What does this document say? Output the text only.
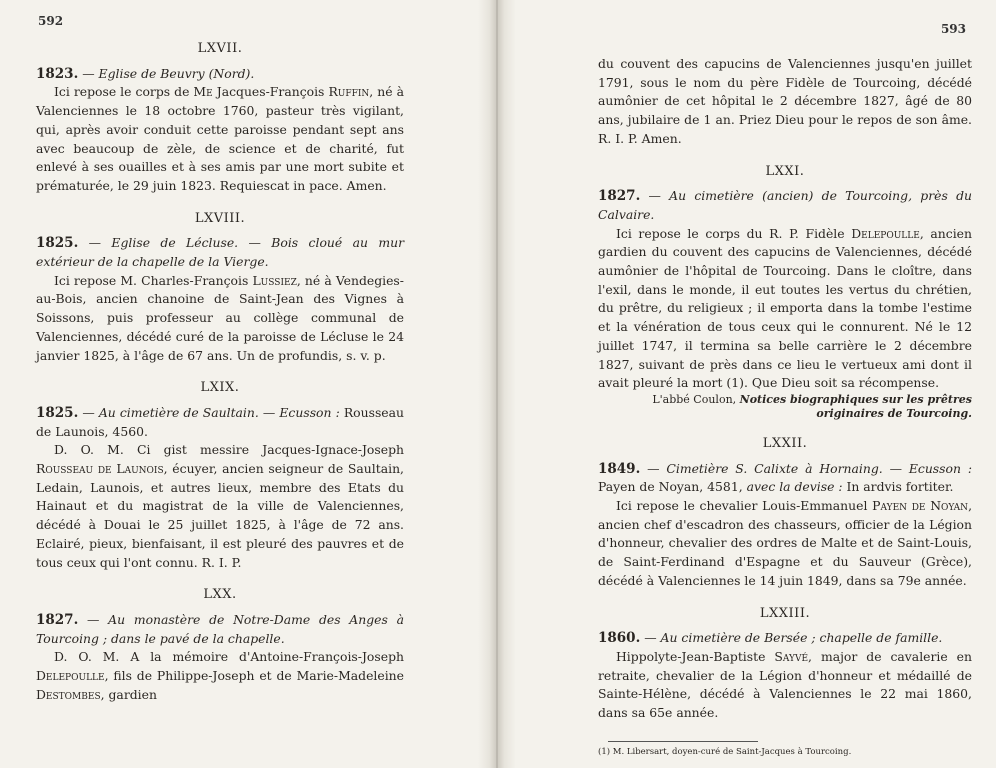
592
LXVII.

1823. — Eglise de Beuvry (Nord).

Ici repose le corps de Me Jacques-François Ruffin, né à Valenciennes le 18 octobre 1760, pasteur très vigilant, qui, après avoir conduit cette paroisse pendant sept ans avec beaucoup de zèle, de science et de charité, fut enlevé à ses ouailles et à ses amis par une mort subite et prématurée, le 29 juin 1823. Requiescat in pace. Amen.

LXVIII.

1825. — Eglise de Lécluse. — Bois cloué au mur extérieur de la chapelle de la Vierge.

Ici repose M. Charles-François Lussiez, né à Vendegies-au-Bois, ancien chanoine de Saint-Jean des Vignes à Soissons, puis professeur au collège communal de Valenciennes, décédé curé de la paroisse de Lécluse le 24 janvier 1825, à l'âge de 67 ans. Un de profundis, s. v. p.

LXIX.

1825. — Au cimetière de Saultain. — Ecusson : Rousseau de Launois, 4560.

D. O. M. Ci gist messire Jacques-Ignace-Joseph Rousseau de Launois, écuyer, ancien seigneur de Saultain, Ledain, Launois, et autres lieux, membre des Etats du Hainaut et du magistrat de la ville de Valenciennes, décédé à Douai le 25 juillet 1825, à l'âge de 72 ans. Eclairé, pieux, bienfaisant, il est pleuré des pauvres et de tous ceux qui l'ont connu. R. I. P.

LXX.

1827. — Au monastère de Notre-Dame des Anges à Tourcoing ; dans le pavé de la chapelle.

D. O. M. A la mémoire d'Antoine-François-Joseph Delepoulle, fils de Philippe-Joseph et de Marie-Madeleine Destombes, gardien

593

du couvent des capucins de Valenciennes jusqu'en juillet 1791, sous le nom du père Fidèle de Tourcoing, décédé aumônier de cet hôpital le 2 décembre 1827, âgé de 80 ans, jubilaire de 1 an. Priez Dieu pour le repos de son âme. R. I. P. Amen.

LXXI.

1827. — Au cimetière (ancien) de Tourcoing, près du Calvaire.

Ici repose le corps du R. P. Fidèle Delepoulle, ancien gardien du couvent des capucins de Valenciennes, décédé aumônier de l'hôpital de Tourcoing. Dans le cloître, dans l'exil, dans le monde, il eut toutes les vertus du chrétien, du prêtre, du religieux ; il emporta dans la tombe l'estime et la vénération de tous ceux qui le connurent. Né le 12 juillet 1747, il termina sa belle carrière le 2 décembre 1827, suivant de près dans ce lieu le vertueux ami dont il avait pleuré la mort (1). Que Dieu soit sa récompense.

L'abbé Coulon, Notices biographiques sur les prêtres originaires de Tourcoing.

LXXII.

1849. — Cimetière S. Calixte à Hornaing. — Ecusson : Payen de Noyan, 4581, avec la devise : In ardvis fortiter.

Ici repose le chevalier Louis-Emmanuel Payen de Noyan, ancien chef d'escadron des chasseurs, officier de la Légion d'honneur, chevalier des ordres de Malte et de Saint-Louis, de Saint-Ferdinand d'Espagne et du Sauveur (Grèce), décédé à Valenciennes le 14 juin 1849, dans sa 79e année.

LXXIII.

1860. — Au cimetière de Bersée ; chapelle de famille.

Hippolyte-Jean-Baptiste Sayvé, major de cavalerie en retraite, chevalier de la Légion d'honneur et médaillé de Sainte-Hélène, décédé à Valenciennes le 22 mai 1860, dans sa 65e année.

(1) M. Libersart, doyen-curé de Saint-Jacques à Tourcoing.
